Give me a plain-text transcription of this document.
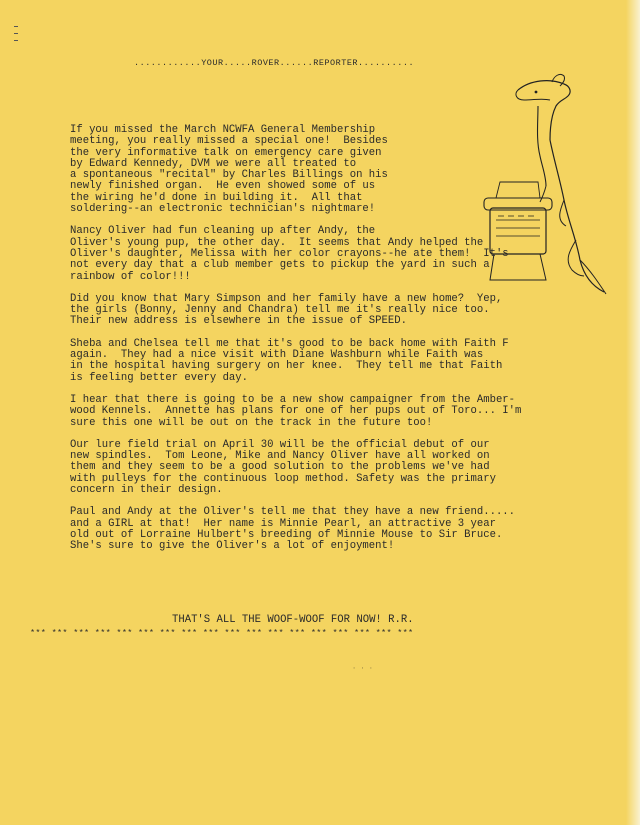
............YOUR.....ROVER......REPORTER..........

If you missed the March NCWFA General Membership
meeting, you really missed a special one!  Besides
the very informative talk on emergency care given
by Edward Kennedy, DVM we were all treated to
a spontaneous "recital" by Charles Billings on his
newly finished organ.  He even showed some of us
the wiring he'd done in building it.  All that
soldering--an electronic technician's nightmare!

Nancy Oliver had fun cleaning up after Andy, the
Oliver's young pup, the other day.  It seems that Andy helped the
Oliver's daughter, Melissa with her color crayons--he ate them!  It's
not every day that a club member gets to pickup the yard in such a
rainbow of color!!!

Did you know that Mary Simpson and her family have a new home?  Yep,
the girls (Bonny, Jenny and Chandra) tell me it's really nice too.
Their new address is elsewhere in the issue of SPEED.

Sheba and Chelsea tell me that it's good to be back home with Faith F
again.  They had a nice visit with Diane Washburn while Faith was
in the hospital having surgery on her knee.  They tell me that Faith
is feeling better every day.

I hear that there is going to be a new show campaigner from the Amber-
wood Kennels.  Annette has plans for one of her pups out of Toro... I'm
sure this one will be out on the track in the future too!

Our lure field trial on April 30 will be the official debut of our
new spindles.  Tom Leone, Mike and Nancy Oliver have all worked on
them and they seem to be a good solution to the problems we've had
with pulleys for the continuous loop method. Safety was the primary
concern in their design.

Paul and Andy at the Oliver's tell me that they have a new friend.....
and a GIRL at that!  Her name is Minnie Pearl, an attractive 3 year
old out of Lorraine Hulbert's breeding of Minnie Mouse to Sir Bruce.
She's sure to give the Oliver's a lot of enjoyment!

THAT'S ALL THE WOOF-WOOF FOR NOW! R.R.
*** *** *** *** *** *** *** *** *** *** *** *** *** *** *** *** *** ***
· · ·
